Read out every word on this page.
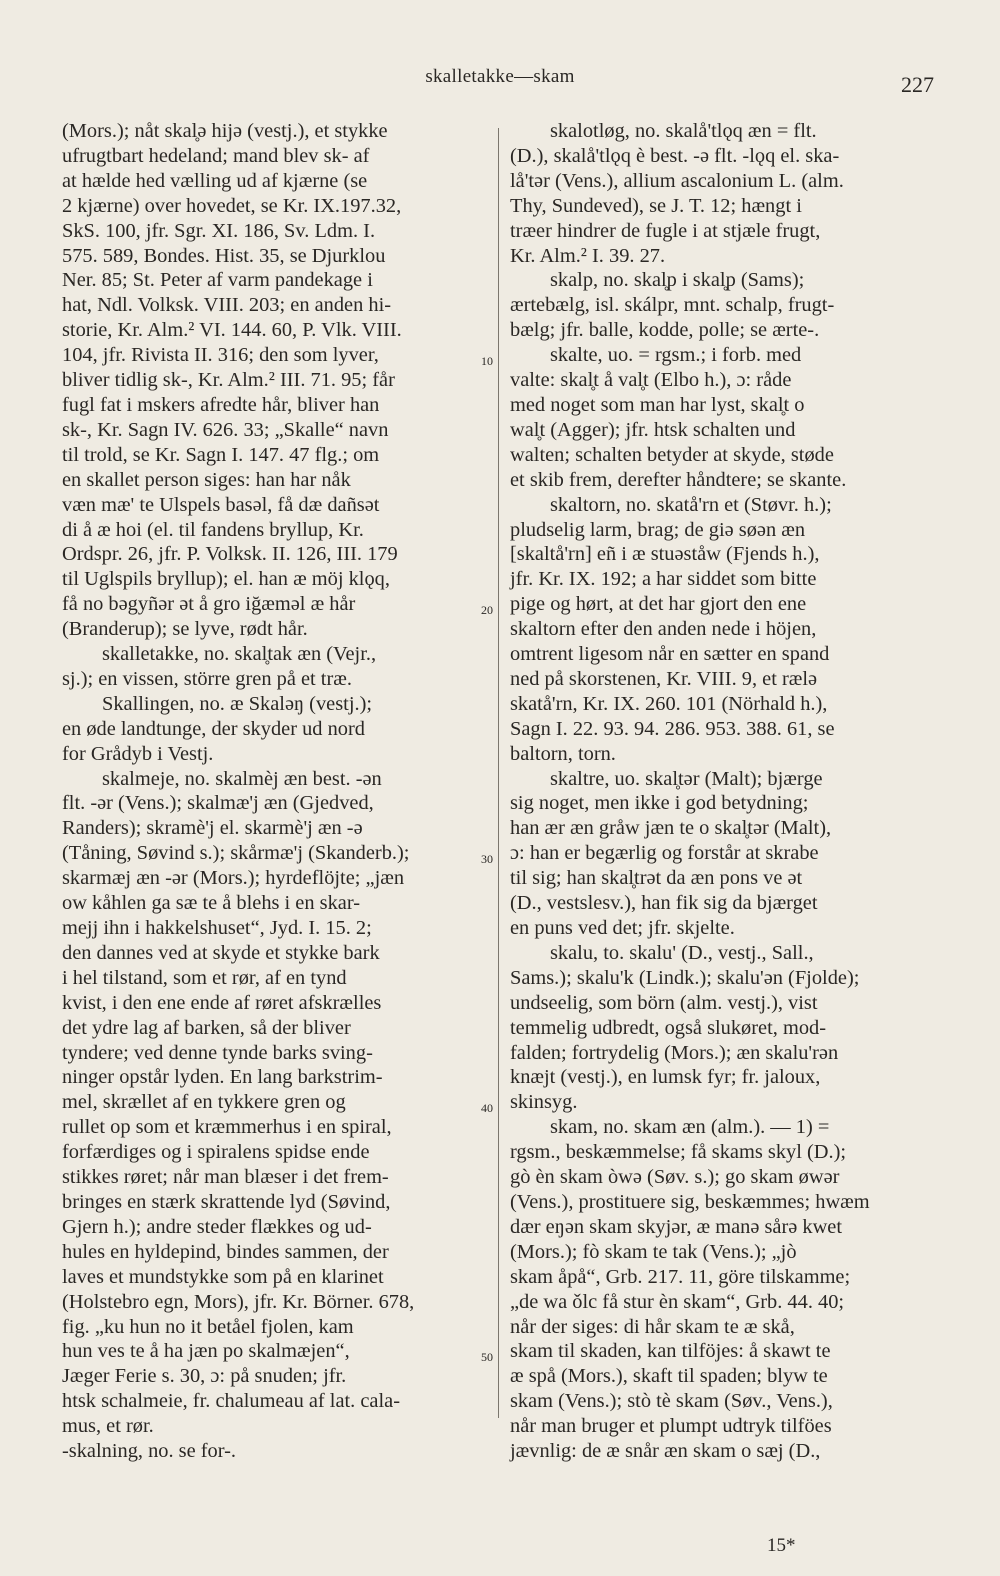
skalletakke—skam	227
(Mors.); nåt skal̥ə hijə (vestj.), et stykke
ufrugtbart hedeland; mand blev sk- af
at hælde hed vælling ud af kjærne (se
2 kjærne) over hovedet, se Kr. IX.197.32,
SkS. 100, jfr. Sgr. XI. 186, Sv. Ldm. I.
575. 589, Bondes. Hist. 35, se Djurklou
Ner. 85; St. Peter af varm pandekage i
hat, Ndl. Volksk. VIII. 203; en anden hi-
storie, Kr. Alm.² VI. 144. 60, P. Vlk. VIII.
104, jfr. Rivista II. 316; den som lyver,
bliver tidlig sk-, Kr. Alm.² III. 71. 95; får
fugl fat i mskers afredte hår, bliver han
sk-, Kr. Sagn IV. 626. 33; „Skalle“ navn
til trold, se Kr. Sagn I. 147. 47 flg.; om
en skallet person siges: han har nåk
væn mæ' te Ulspels basəl, få dæ dañsət
di å æ hoi (el. til fandens bryllup, Kr.
Ordspr. 26, jfr. P. Volksk. II. 126, III. 179
til Uglspils bryllup); el. han æ möj klǫq,
få no bəgyñər ət å gro iğæməl æ hår
(Branderup); se lyve, rødt hår.
skalletakke, no. skal̥tak æn (Vejr.,
sj.); en vissen, större gren på et træ.
Skallingen, no. æ Skaləŋ (vestj.);
en øde landtunge, der skyder ud nord
for Grådyb i Vestj.
skalmeje, no. skalmèj æn best. -ən
flt. -ər (Vens.); skalmæ'j æn (Gjedved,
Randers); skramè'j el. skarmè'j æn -ə
(Tåning, Søvind s.); skårmæ'j (Skanderb.);
skarmæj æn -ər (Mors.); hyrdeflöjte; „jæn
ow kåhlen ga sæ te å blehs i en skar-
mejj ihn i hakkelshuset“, Jyd. I. 15. 2;
den dannes ved at skyde et stykke bark
i hel tilstand, som et rør, af en tynd
kvist, i den ene ende af røret afskrælles
det ydre lag af barken, så der bliver
tyndere; ved denne tynde barks sving-
ninger opstår lyden. En lang barkstrim-
mel, skrællet af en tykkere gren og
rullet op som et kræmmerhus i en spiral,
forfærdiges og i spiralens spidse ende
stikkes røret; når man blæser i det frem-
bringes en stærk skrattende lyd (Søvind,
Gjern h.); andre steder flækkes og ud-
hules en hyldepind, bindes sammen, der
laves et mundstykke som på en klarinet
(Holstebro egn, Mors), jfr. Kr. Börner. 678,
fig. „ku hun no it betåel fjolen, kam
hun ves te å ha jæn po skalmæjen“,
Jæger Ferie s. 30, ɔ: på snuden; jfr.
htsk schalmeie, fr. chalumeau af lat. cala-
mus, et rør.
-skalning, no. se for-.
skalotløg, no. skalå'tlǫq æn = flt.
(D.), skalå'tlǫq è best. -ə flt. -lǫq el. ska-
lå'tər (Vens.), allium ascalonium L. (alm.
Thy, Sundeved), se J. T. 12; hængt i
træer hindrer de fugle i at stjæle frugt,
Kr. Alm.² I. 39. 27.
skalp, no. skal̥p i skal̥p (Sams);
ærtebælg, isl. skálpr, mnt. schalp, frugt-
bælg; jfr. balle, kodde, polle; se ærte-.
skalte, uo. = rgsm.; i forb. med
valte: skal̥t å val̥t (Elbo h.), ɔ: råde
med noget som man har lyst, skal̥t o
wal̥t (Agger); jfr. htsk schalten und
walten; schalten betyder at skyde, støde
et skib frem, derefter håndtere; se skante.
skaltorn, no. skatå'rn et (Støvr. h.);
pludselig larm, brag; de giə søən æn
[skaltå'rn] eñ i æ stuəståw (Fjends h.),
jfr. Kr. IX. 192; a har siddet som bitte
pige og hørt, at det har gjort den ene
skaltorn efter den anden nede i höjen,
omtrent ligesom når en sætter en spand
ned på skorstenen, Kr. VIII. 9, et rælə
skatå'rn, Kr. IX. 260. 101 (Nörhald h.),
Sagn I. 22. 93. 94. 286. 953. 388. 61, se
baltorn, torn.
skaltre, uo. skal̥tər (Malt); bjærge
sig noget, men ikke i god betydning;
han ær æn gråw jæn te o skal̥tər (Malt),
ɔ: han er begærlig og forstår at skrabe
til sig; han skal̥trət da æn pons ve ət
(D., vestslesv.), han fik sig da bjærget
en puns ved det; jfr. skjelte.
skalu, to. skalu' (D., vestj., Sall.,
Sams.); skalu'k (Lindk.); skalu'ən (Fjolde);
undseelig, som börn (alm. vestj.), vist
temmelig udbredt, også slukøret, mod-
falden; fortrydelig (Mors.); æn skalu'rən
knæjt (vestj.), en lumsk fyr; fr. jaloux,
skinsyg.
skam, no. skam æn (alm.). — 1) =
rgsm., beskæmmelse; få skams skyl (D.);
gò èn skam òwə (Søv. s.); go skam øwər
(Vens.), prostituere sig, beskæmmes; hwæm
dær eŋən skam skyjər, æ manə sårə kwet
(Mors.); fò skam te tak (Vens.); „jò
skam åpå“, Grb. 217. 11, göre tilskamme;
„de wa ǒlc få stur èn skam“, Grb. 44. 40;
når der siges: di hår skam te æ skå,
skam til skaden, kan tilföjes: å skawt te
æ spå (Mors.), skaft til spaden; blyw te
skam (Vens.); stò tè skam (Søv., Vens.),
når man bruger et plumpt udtryk tilföes
jævnlig: de æ snår æn skam o sæj (D.,
10
20
30
40
50
15*
